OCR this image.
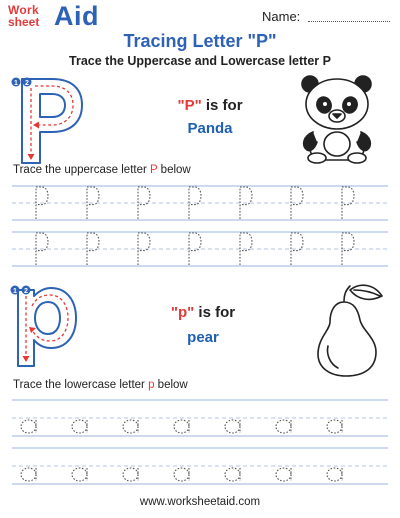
Work
sheet Aid	Name:
Tracing Letter "P"
Trace the Uppercase and Lowercase letter P
1 2
"P" is for
Panda
Trace the uppercase letter P below
1 2
"p" is for
pear
Trace the lowercase letter p below
www.worksheetaid.com
